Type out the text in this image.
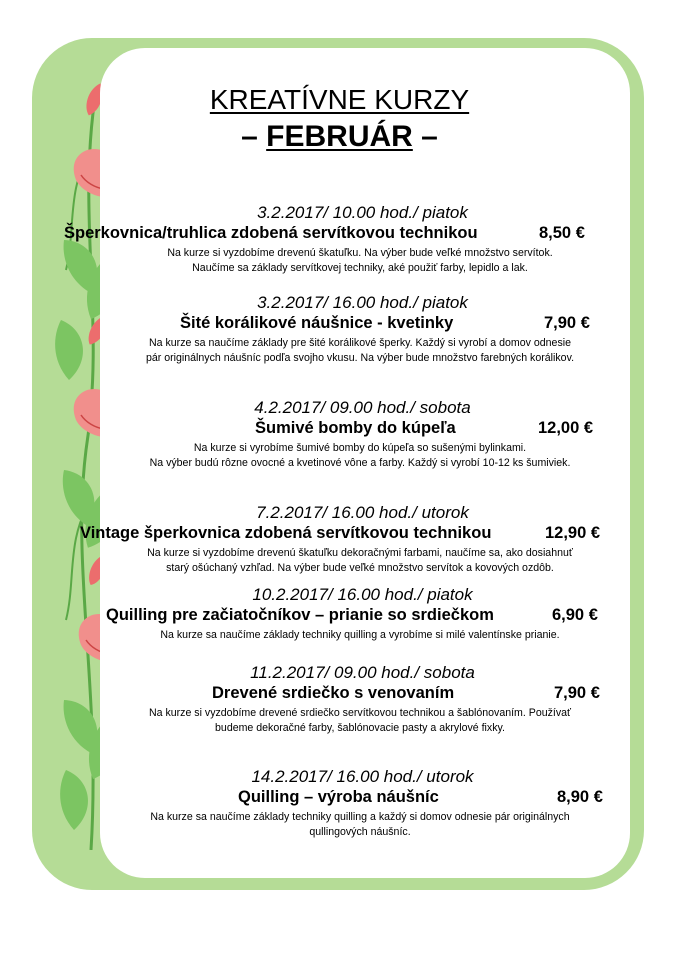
KREATÍVNE KURZY
– FEBRUÁR –
3.2.2017/ 10.00 hod./ piatok
Šperkovnica/truhlica zdobená servítkovou technikou	8,50 €
Na kurze si vyzdobíme drevenú škatuľku. Na výber bude veľké množstvo servítok.
Naučíme sa základy servítkovej techniky, aké použiť farby, lepidlo a lak.
3.2.2017/ 16.00 hod./ piatok
Šité korálikové náušnice - kvetinky	7,90 €
Na kurze sa naučíme základy pre šité korálikové šperky. Každý si vyrobí a domov odnesie
pár originálnych náušníc podľa svojho vkusu. Na výber bude množstvo farebných korálikov.
4.2.2017/ 09.00 hod./ sobota
Šumivé bomby do kúpeľa	12,00 €
Na kurze si vyrobíme šumivé bomby do kúpeľa so sušenými bylinkami.
Na výber budú rôzne ovocné a kvetinové vône a farby. Každý si vyrobí 10-12 ks šumiviek.
7.2.2017/ 16.00 hod./ utorok
Vintage šperkovnica zdobená servítkovou technikou	12,90 €
Na kurze si vyzdobíme drevenú škatuľku dekoračnými farbami, naučíme sa, ako dosiahnuť
starý ošúchaný vzhľad. Na výber bude veľké množstvo servítok a kovových ozdôb.
10.2.2017/ 16.00 hod./ piatok
Quilling pre začiatočníkov – prianie so srdiečkom	6,90 €
Na kurze sa naučíme základy techniky quilling a vyrobíme si milé valentínske prianie.
11.2.2017/ 09.00 hod./ sobota
Drevené srdiečko s venovaním	7,90 €
Na kurze si vyzdobíme drevené srdiečko servítkovou technikou a šablónovaním. Používať
budeme dekoračné farby, šablónovacie pasty a akrylové fixky.
14.2.2017/ 16.00 hod./ utorok
Quilling – výroba náušníc	8,90 €
Na kurze sa naučíme základy techniky quilling a každý si domov odnesie pár originálnych
qullingových náušníc.
